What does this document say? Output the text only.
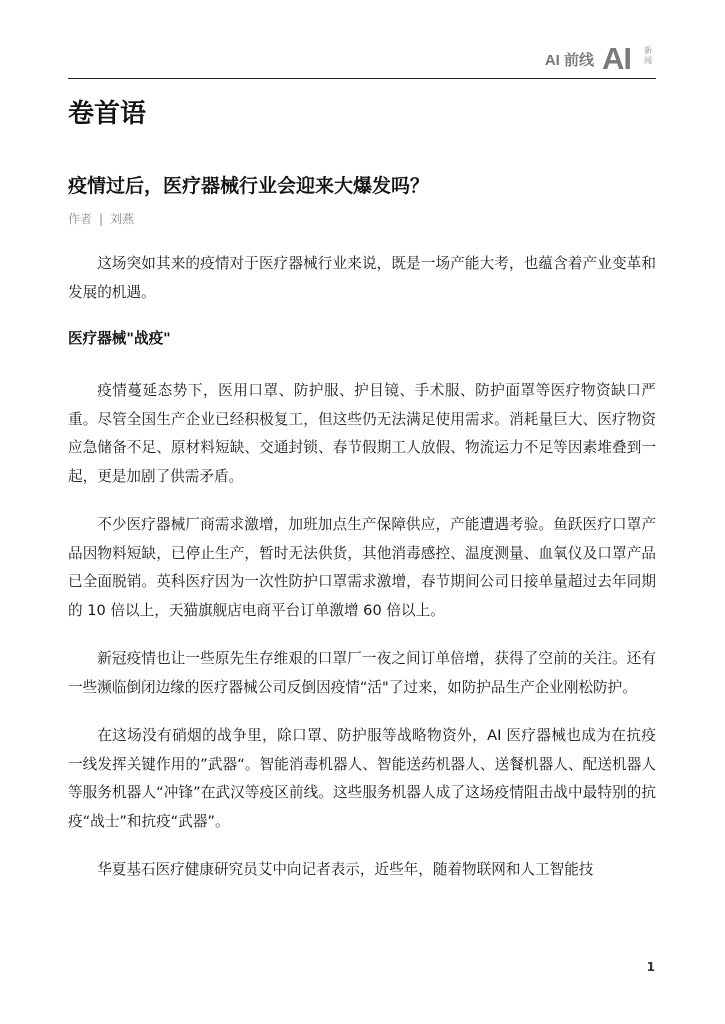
AI 前线 AI 新闻
卷首语
疫情过后，医疗器械行业会迎来大爆发吗？
作者 | 刘燕

这场突如其来的疫情对于医疗器械行业来说，既是一场产能大考，也蕴含着产业变革和发展的机遇。

医疗器械"战疫"

疫情蔓延态势下，医用口罩、防护服、护目镜、手术服、防护面罩等医疗物资缺口严重。尽管全国生产企业已经积极复工，但这些仍无法满足使用需求。消耗量巨大、医疗物资应急储备不足、原材料短缺、交通封锁、春节假期工人放假、物流运力不足等因素堆叠到一起，更是加剧了供需矛盾。

不少医疗器械厂商需求激增，加班加点生产保障供应，产能遭遇考验。鱼跃医疗口罩产品因物料短缺，已停止生产，暂时无法供货，其他消毒感控、温度测量、血氧仪及口罩产品已全面脱销。英科医疗因为一次性防护口罩需求激增，春节期间公司日接单量超过去年同期的 10 倍以上，天猫旗舰店电商平台订单激增 60 倍以上。

新冠疫情也让一些原先生存维艰的口罩厂一夜之间订单倍增，获得了空前的关注。还有一些濒临倒闭边缘的医疗器械公司反倒因疫情“活"了过来，如防护品生产企业刚松防护。

在这场没有硝烟的战争里，除口罩、防护服等战略物资外，AI 医疗器械也成为在抗疫一线发挥关键作用的”武器“。智能消毒机器人、智能送药机器人、送餐机器人、配送机器人等服务机器人“冲锋”在武汉等疫区前线。这些服务机器人成了这场疫情阻击战中最特别的抗疫“战士”和抗疫“武器”。

华夏基石医疗健康研究员艾中向记者表示，近些年，随着物联网和人工智能技

1
